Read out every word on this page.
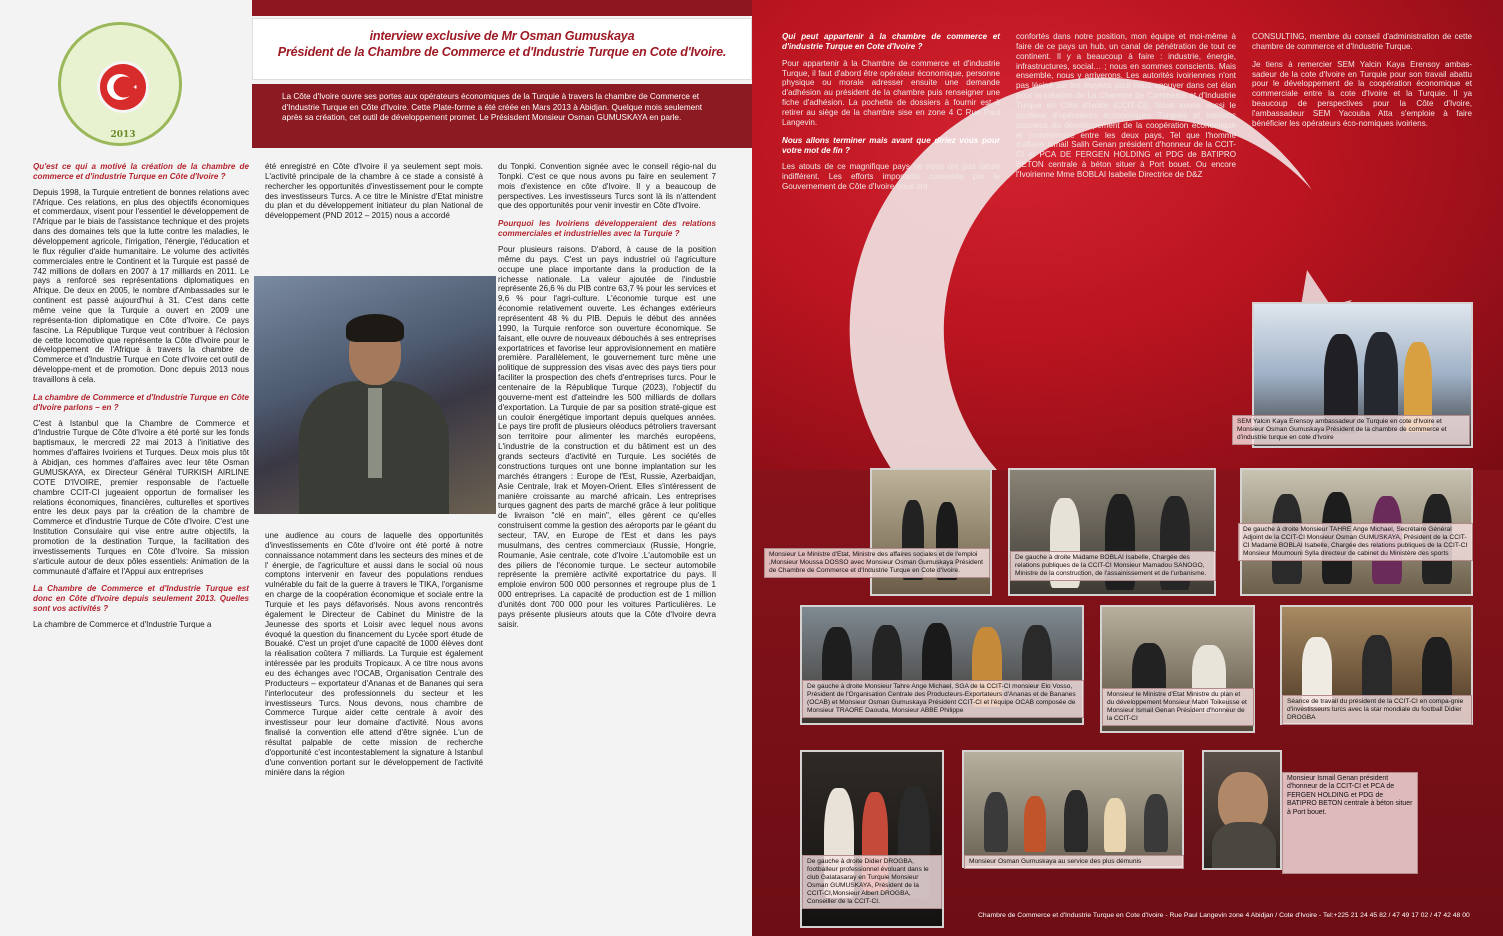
2013
interview exclusive de Mr Osman Gumuskaya
Président de la Chambre de Commerce et d'Industrie Turque en Cote d'Ivoire.
La Côte d'Ivoire ouvre ses portes aux opérateurs économiques de la Turquie à travers la chambre de Commerce et d'Industrie Turque en Côte d'Ivoire. Cette Plate-forme a été créée en Mars 2013 à Abidjan. Quelque mois seulement après sa création, cet outil de développement promet. Le Présisdent Monsieur Osman GUMUSKAYA en parle.
Qu'est ce qui a motivé la création de la chambre de commerce et d'industrie Turque en Côte d'Ivoire ?
Depuis 1998, la Turquie entretient de bonnes relations avec l'Afrique. Ces relations, en plus des objectifs économiques et commerdaux, visent pour l'essentiel le développement de l'Afrique par le biais de l'assistance technique et des projets dans des domaines tels que la lutte contre les maladies, le développement agricole, l'irrigation, l'énergie, l'éducation et le flux régulier d'aide humanitaire. Le volume des activités commerciales entre le Continent et la Turquie est passé de 742 millions de dollars en 2007 à 17 milliards en 2011. Le pays a renforcé ses représentations diplomatiques en Afrique. De deux en 2005, le nombre d'Ambassades sur le continent est passé aujourd'hui à 31. C'est dans cette même veine que la Turquie a ouvert en 2009 une représenta-tion diplomatique en Côte d'Ivoire. Ce pays fascine. La République Turque veut contribuer à l'éclosion de cette locomotive que représente la Côte d'Ivoire pour le développement de l'Afrique à travers la chambre de Commerce et d'Industrie Turque en Cote d'Ivoire cet outil de développe-ment et de promotion. Donc depuis 2013 nous travaillons à cela.
La chambre de Commerce et d'Industrie Turque en Côte d'Ivoire parlons – en ?
C'est à Istanbul que la Chambre de Commerce et d'Industrie Turque de Côte d'Ivoire a été porté sur les fonds baptismaux, le mercredi 22 mai 2013 à l'initiative des hommes d'affaires Ivoiriens et Turques. Deux mois plus tôt à Abidjan, ces hommes d'affaires avec leur tête Osman GUMUSKAYA, ex Directeur Général TURKISH AIRLINE COTE D'IVOIRE, premier responsable de l'actuelle chambre CCIT-CI jugeaient opportun de formaliser les relations économiques, financières, culturelles et sportives entre les deux pays par la création de la chambre de Commerce et d'industrie Turque de Côte d'Ivoire. C'est une Institution Consulaire qui vise entre autre objectifs, la promotion de la destination Turque, la facilitation des investissements Turques en Côte d'Ivoire. Sa mission s'articule autour de deux pôles essentiels: Animation de la communauté d'affaire et l'Appui aux entreprises
La Chambre de Commerce et d'Industrie Turque est donc en Côte d'Ivoire depuis seulement 2013. Quelles sont vos activités ?
La chambre de Commerce et d'Industrie Turque a
été enregistré en Côte d'Ivoire il ya seulement sept mois. L'activité principale de la chambre à ce stade a consisté à rechercher les opportunités d'investissement pour le compte des investisseurs Turcs. A ce titre le Ministre d'Etat ministre du plan et du développement initiateur du plan National de développement (PND 2012 – 2015) nous a accordé
une audience au cours de laquelle des opportunités d'investissements en Côte d'Ivoire ont été porté à notre connaissance notamment dans les secteurs des mines et de l' énergie, de l'agriculture et aussi dans le social où nous comptons intervenir en faveur des populations rendues vulnérable du fait de la guerre à travers le TIKA, l'organisme en charge de la coopération économique et sociale entre la Turquie et les pays défavorisés. Nous avons rencontrés également le Directeur de Cabinet du Ministre de la Jeunesse des sports et Loisir avec lequel nous avons évoqué la question du financement du Lycée sport étude de Bouaké. C'est un projet d'une capacité de 1000 élèves dont la réalisation coûtera 7 milliards. La Turquie est également intéressée par les produits Tropicaux. A ce titre nous avons eu des échanges avec l'OCAB, Organisation Centrale des Producteurs – exportateur d'Ananas et de Bananes qui sera l'interlocuteur des professionnels du secteur et les investisseurs Turcs. Nous devons, nous chambre de Commerce Turque aider cette centrale à avoir des investisseur pour leur domaine d'activité. Nous avons finalisé la convention elle attend d'être signée. L'un de résultat palpable de cette mission de recherche d'opportunité c'est incontestablement la signature à Istanbul d'une convention portant sur le développement de l'activité minière dans la région
du Tonpki. Convention signée avec le conseil régio-nal du Tonpki. C'est ce que nous avons pu faire en seulement 7 mois d'existence en côte d'Ivoire. Il y a beaucoup de perspectives. Les investisseurs Turcs sont là ils n'attendent que des opportunités pour venir investir en Côte d'Ivoire.
Pourquoi les Ivoiriens développeraient des relations commerciales et industrielles avec la Turquie ?
Pour plusieurs raisons. D'abord, à cause de la position même du pays. C'est un pays industriel où l'agriculture occupe une place importante dans la production de la richesse nationale. La valeur ajoutée de l'industrie représente 26,6 % du PIB contre 63,7 % pour les services et 9,6 % pour l'agri-culture. L'économie turque est une économie relativement ouverte. Les échanges extérieurs représentent 48 % du PIB. Depuis le début des années 1990, la Turquie renforce son ouverture économique. Se faisant, elle ouvre de nouveaux débouchés à ses entreprises exportatrices et favorise leur approvisionnement en matière première. Parallèlement, le gouvernement turc mène une politique de suppression des visas avec des pays tiers pour faciliter la prospection des chefs d'entreprises turcs. Pour le centenaire de la République Turque (2023), l'objectif du gouverne-ment est d'atteindre les 500 milliards de dollars d'exportation. La Turquie de par sa position straté-gique est un couloir énergétique important depuis quelques années. Le pays tire profit de plusieurs oléoducs pétroliers traversant son territoire pour alimenter les marchés européens, L'industrie de la construction et du bâtiment est un des grands secteurs d'activité en Turquie. Les sociétés de constructions turques ont une bonne implantation sur les marchés étrangers : Europe de l'Est, Russie, Azerbaidjan, Asie Centrale, Irak et Moyen-Orient. Elles s'intéressent de manière croissante au marché africain. Les entreprises turques gagnent des parts de marché grâce à leur politique de livraison "clé en main", elles gèrent ce qu'elles construisent comme la gestion des aéroports par le géant du secteur, TAV, en Europe de l'Est et dans les pays musulmans, des centres commerciaux (Russie, Hongrie, Roumanie, Asie centrale, cote d'Ivoire .L'automobile est un des piliers de l'économie turque. Le secteur automobile représente la première activité exportatrice du pays. Il emploie environ 500 000 personnes et regroupe plus de 1 000 entreprises. La capacité de production est de 1 million d'unités dont 700 000 pour les voitures Particulières. Le pays présente plusieurs atouts que la Côte d'Ivoire devra saisir.
Qui peut appartenir à la chambre de commerce et d'industrie Turque en Cote d'Ivoire ?
Pour appartenir à la Chambre de commerce et d'industrie Turque, il faut d'abord être opérateur économique, personne physique ou morale adresser ensuite une demande d'adhésion au président de la chambre puis renseigner une fiche d'adhésion. La pochette de dossiers à fournir est à retirer au siège de la chambre sise en zone 4 C Rue Paul Langevin.
Nous allons terminer mais avant que diriez vous pour votre mot de fin ?
Les atouts de ce magnifique pays ne nous ont pas laissé indifférent. Les efforts importants consentis par le Gouvernement de Côte d'Ivoire nous ont
confortés dans notre position, mon équipe et moi-même à faire de ce pays un hub, un canal de pénétration de tout ce continent. Il y a beaucoup à faire : industrie, énergie, infrastructures, social… ; nous en sommes conscients. Mais ensemble, nous y arriverons. Les autorités ivoiriennes n'ont pas lésiné sur les moyens pour nous appuyer dans cet élan pour la création de La Chambre de Commerce et d'Industrie Turque en Côte d'Ivoire (CCIT-CI). Nous avons aussi le soutiens d'opérateurs économiques Turques et ivoiriens soucieux du développement de la coopération économique et commerciale entre les deux pays, Tel que l'homme d'affaire Ismail Salih Genan président d'honneur de la CCIT-CI et PCA DE FERGEN HOLDING et PDG de BATIPRO BETON centrale à béton situer à Port bouet. Ou encore l'Ivoirienne Mme BOBLAI Isabelle Directrice de D&Z
CONSULTING, membre du conseil d'administration de cette chambre de commerce et d'Industrie Turque.
Je tiens à remercier SEM Yalcin Kaya Erensoy ambas-sadeur de la cote d'Ivoire en Turquie pour son travail abattu pour le développement de la coopération économique et commerciale entre la cote d'Ivoire et la Turquie. Il ya beaucoup de perspectives pour la Côte d'Ivoire, l'ambassadeur SEM Yacouba Atta s'emploie à faire bénéficier les opérateurs éco-nomiques ivoiriens.
SEM Yalcin Kaya Erensoy ambassadeur de Turquie en cote d'Ivoire et Monsieur Osman Gumuskaya Président de la chambre de commerce et d'industrie turque en cote d'Ivoire
Monsieur Le Ministre d'Etat, Ministre des affaires sociales et de l'emploi ,Monsieur Moussa DOSSO avec Monsieur Osman Gumuskaya Président de Chambre de Commerce et d'Industrie Turque en Cote d'Ivoire.
De gauche à droite Madame BOBLAI Isabelle, Chargée des relations publiques de la CCIT-CI Monsieur Mamadou SANOGO, Ministre de la construction, de l'assainissement et de l'urbanisme.
De gauche à droite Monsieur TAHRE Ange Michael, Secrétaire Général Adjoint de la CCIT-CI Monsieur Osman GUMUSKAYA, Président de la CCIT-CI Madame BOBLAI Isabelle, Chargée des relations publiques de la CCIT-CI Monsieur Moumouni Sylla directeur de cabinet du Ministère des sports
De gauche à droite Monsieur Tahre Ange Michael, SGA de la CCIT-CI monsieur Elo Vosso, Président de l'Organisation Centrale des Producteurs-Exportateurs d'Ananas et de Bananes (OCAB) et Monsieur Osman Gumuskaya Président CCIT-CI et l'équipe OCAB composée de Monsieur TRAORE Daouda, Monsieur ABBE Philippe
Monsieur le Ministre d'Etat Ministre du plan et du développement Monsieur Mabri Toikeusse et Monsieur Ismail Genan Président d'honneur de la CCIT-CI
Séance de travail du président de la CCIT-CI en compa-gnie d'investisseurs turcs avec la star mondiale du football Didier DROGBA
De gauche à droite Didier DROGBA, footballeur professionnel évoluant dans le club Galatasaray en Turquie Monsieur Osman GUMUSKAYA, Président de la CCIT-CI,Monsieur Albert DROGBA, Conseiller de la CCIT-CI.
Monsieur Osman Gumuskaya au service des plus démunis
Monsieur Ismail Genan président d'honneur de la CCIT-CI et PCA de FERGEN HOLDING et PDG de BATIPRO BETON centrale à béton situer à Port bouet.
Chambre de Commerce et d'Industrie Turque en Cote d'Ivoire - Rue Paul Langevin zone 4 Abidjan / Cote d'Ivoire - Tel:+225 21 24 45 82 / 47 49 17 02 / 47 42 48 00
